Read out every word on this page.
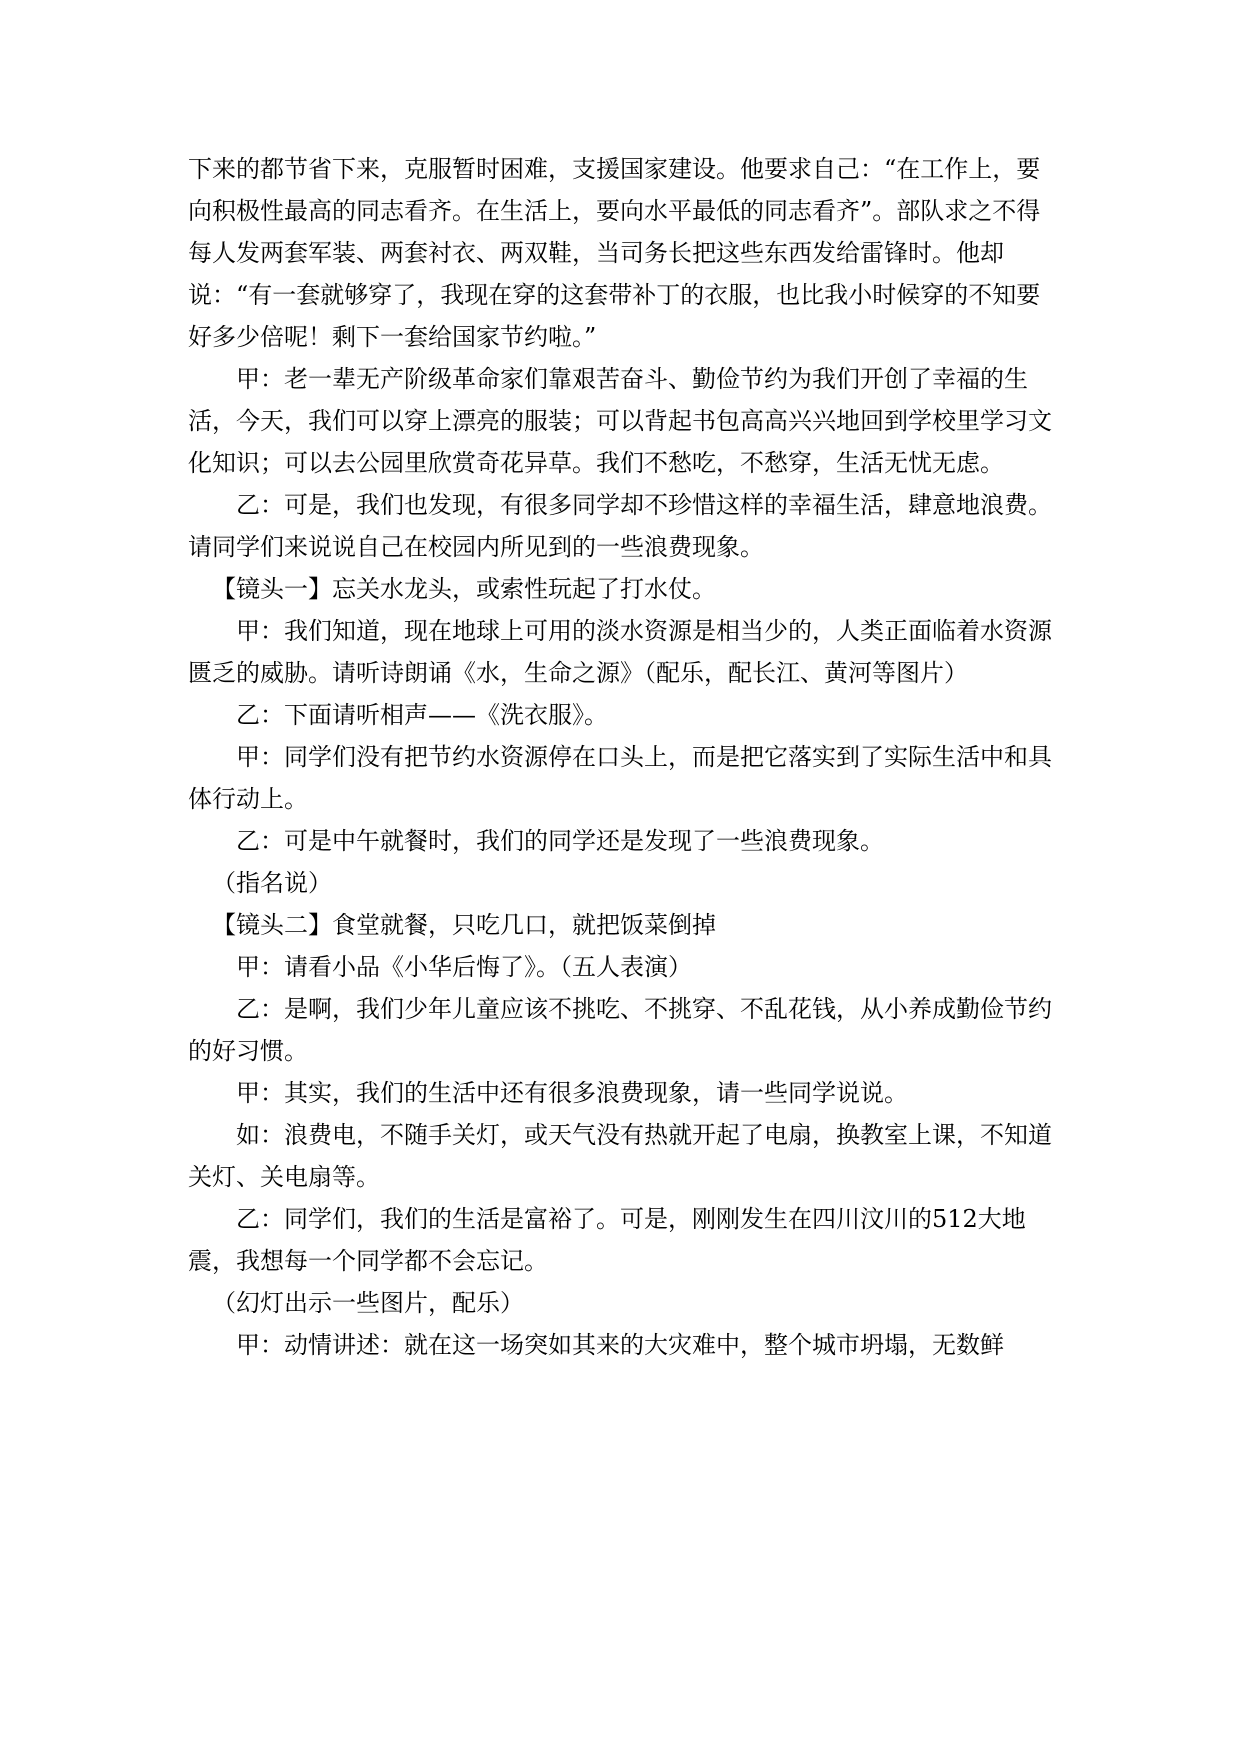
下来的都节省下来，克服暂时困难，支援国家建设。他要求自己：“在工作上，要向积极性最高的同志看齐。在生活上，要向水平最低的同志看齐”。部队求之不得每人发两套军装、两套衬衣、两双鞋，当司务长把这些东西发给雷锋时。他却说：“有一套就够穿了，我现在穿的这套带补丁的衣服，也比我小时候穿的不知要好多少倍呢！剩下一套给国家节约啦。”

甲：老一辈无产阶级革命家们靠艰苦奋斗、勤俭节约为我们开创了幸福的生活，今天，我们可以穿上漂亮的服装；可以背起书包高高兴兴地回到学校里学习文化知识；可以去公园里欣赏奇花异草。我们不愁吃，不愁穿，生活无忧无虑。

乙：可是，我们也发现，有很多同学却不珍惜这样的幸福生活，肆意地浪费。请同学们来说说自己在校园内所见到的一些浪费现象。

【镜头一】忘关水龙头，或索性玩起了打水仗。

甲：我们知道，现在地球上可用的淡水资源是相当少的，人类正面临着水资源匮乏的威胁。请听诗朗诵《水，生命之源》（配乐，配长江、黄河等图片）

乙：下面请听相声——《洗衣服》。

甲：同学们没有把节约水资源停在口头上，而是把它落实到了实际生活中和具体行动上。

乙：可是中午就餐时，我们的同学还是发现了一些浪费现象。

（指名说）

【镜头二】食堂就餐，只吃几口，就把饭菜倒掉

甲：请看小品《小华后悔了》。（五人表演）

乙：是啊，我们少年儿童应该不挑吃、不挑穿、不乱花钱，从小养成勤俭节约的好习惯。

甲：其实，我们的生活中还有很多浪费现象，请一些同学说说。

如：浪费电，不随手关灯，或天气没有热就开起了电扇，换教室上课，不知道关灯、关电扇等。

乙：同学们，我们的生活是富裕了。可是，刚刚发生在四川汶川的512大地震，我想每一个同学都不会忘记。

（幻灯出示一些图片，配乐）

甲：动情讲述：就在这一场突如其来的大灾难中，整个城市坍塌，无数鲜
